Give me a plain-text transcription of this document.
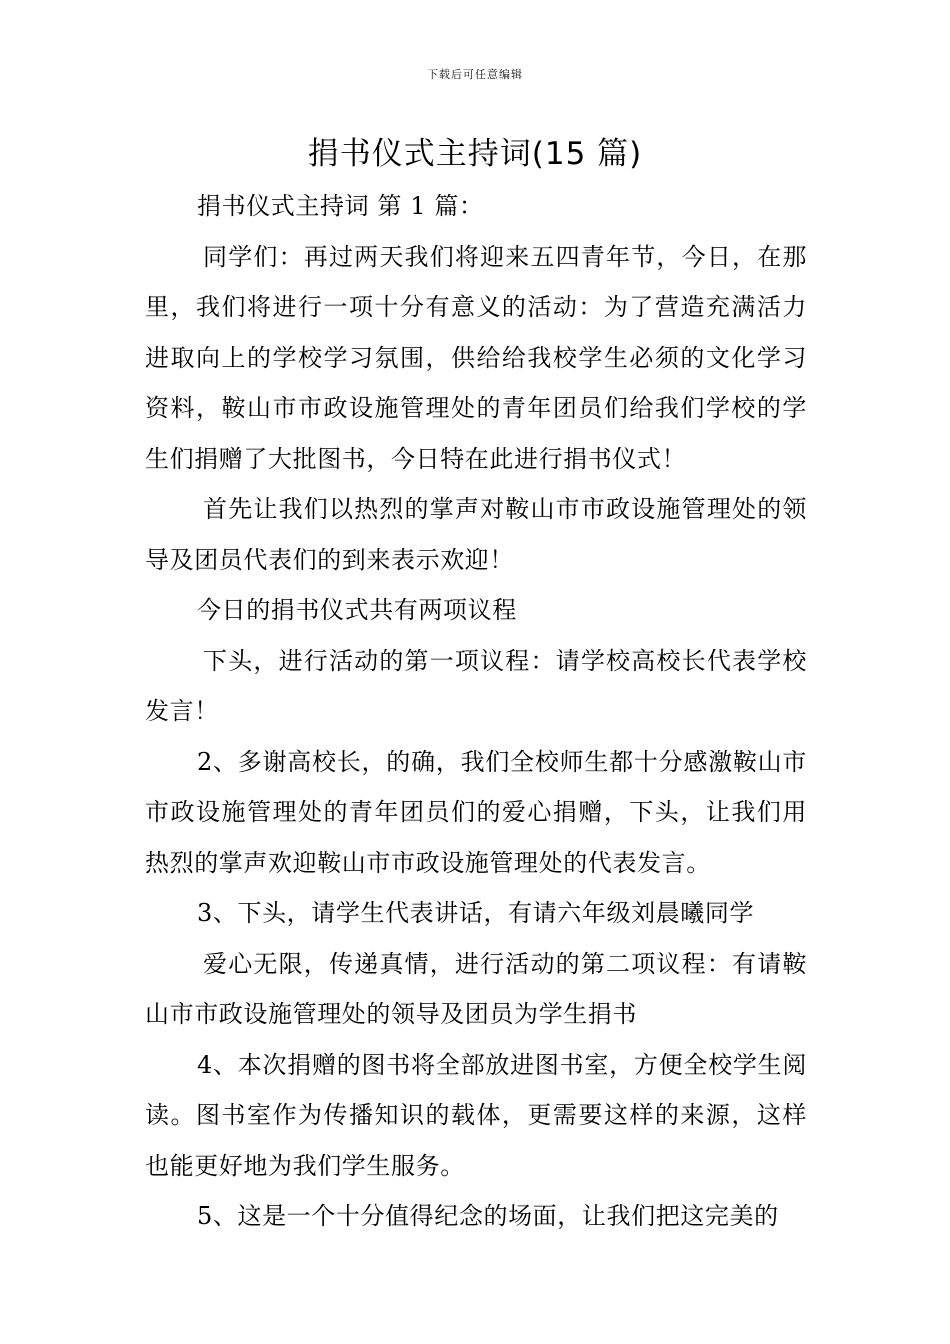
下载后可任意编辑
捐书仪式主持词(15 篇)

捐书仪式主持词 第 1 篇：

同学们：再过两天我们将迎来五四青年节，今日，在那里，我们将进行一项十分有意义的活动：为了营造充满活力进取向上的学校学习氛围，供给给我校学生必须的文化学习资料，鞍山市市政设施管理处的青年团员们给我们学校的学生们捐赠了大批图书，今日特在此进行捐书仪式！

首先让我们以热烈的掌声对鞍山市市政设施管理处的领导及团员代表们的到来表示欢迎！

今日的捐书仪式共有两项议程

下头，进行活动的第一项议程：请学校高校长代表学校发言！

2、多谢高校长，的确，我们全校师生都十分感激鞍山市市政设施管理处的青年团员们的爱心捐赠，下头，让我们用热烈的掌声欢迎鞍山市市政设施管理处的代表发言。

3、下头，请学生代表讲话，有请六年级刘晨曦同学

爱心无限，传递真情，进行活动的第二项议程：有请鞍山市市政设施管理处的领导及团员为学生捐书

4、本次捐赠的图书将全部放进图书室，方便全校学生阅读。图书室作为传播知识的载体，更需要这样的来源，这样也能更好地为我们学生服务。

5、这是一个十分值得纪念的场面，让我们把这完美的
